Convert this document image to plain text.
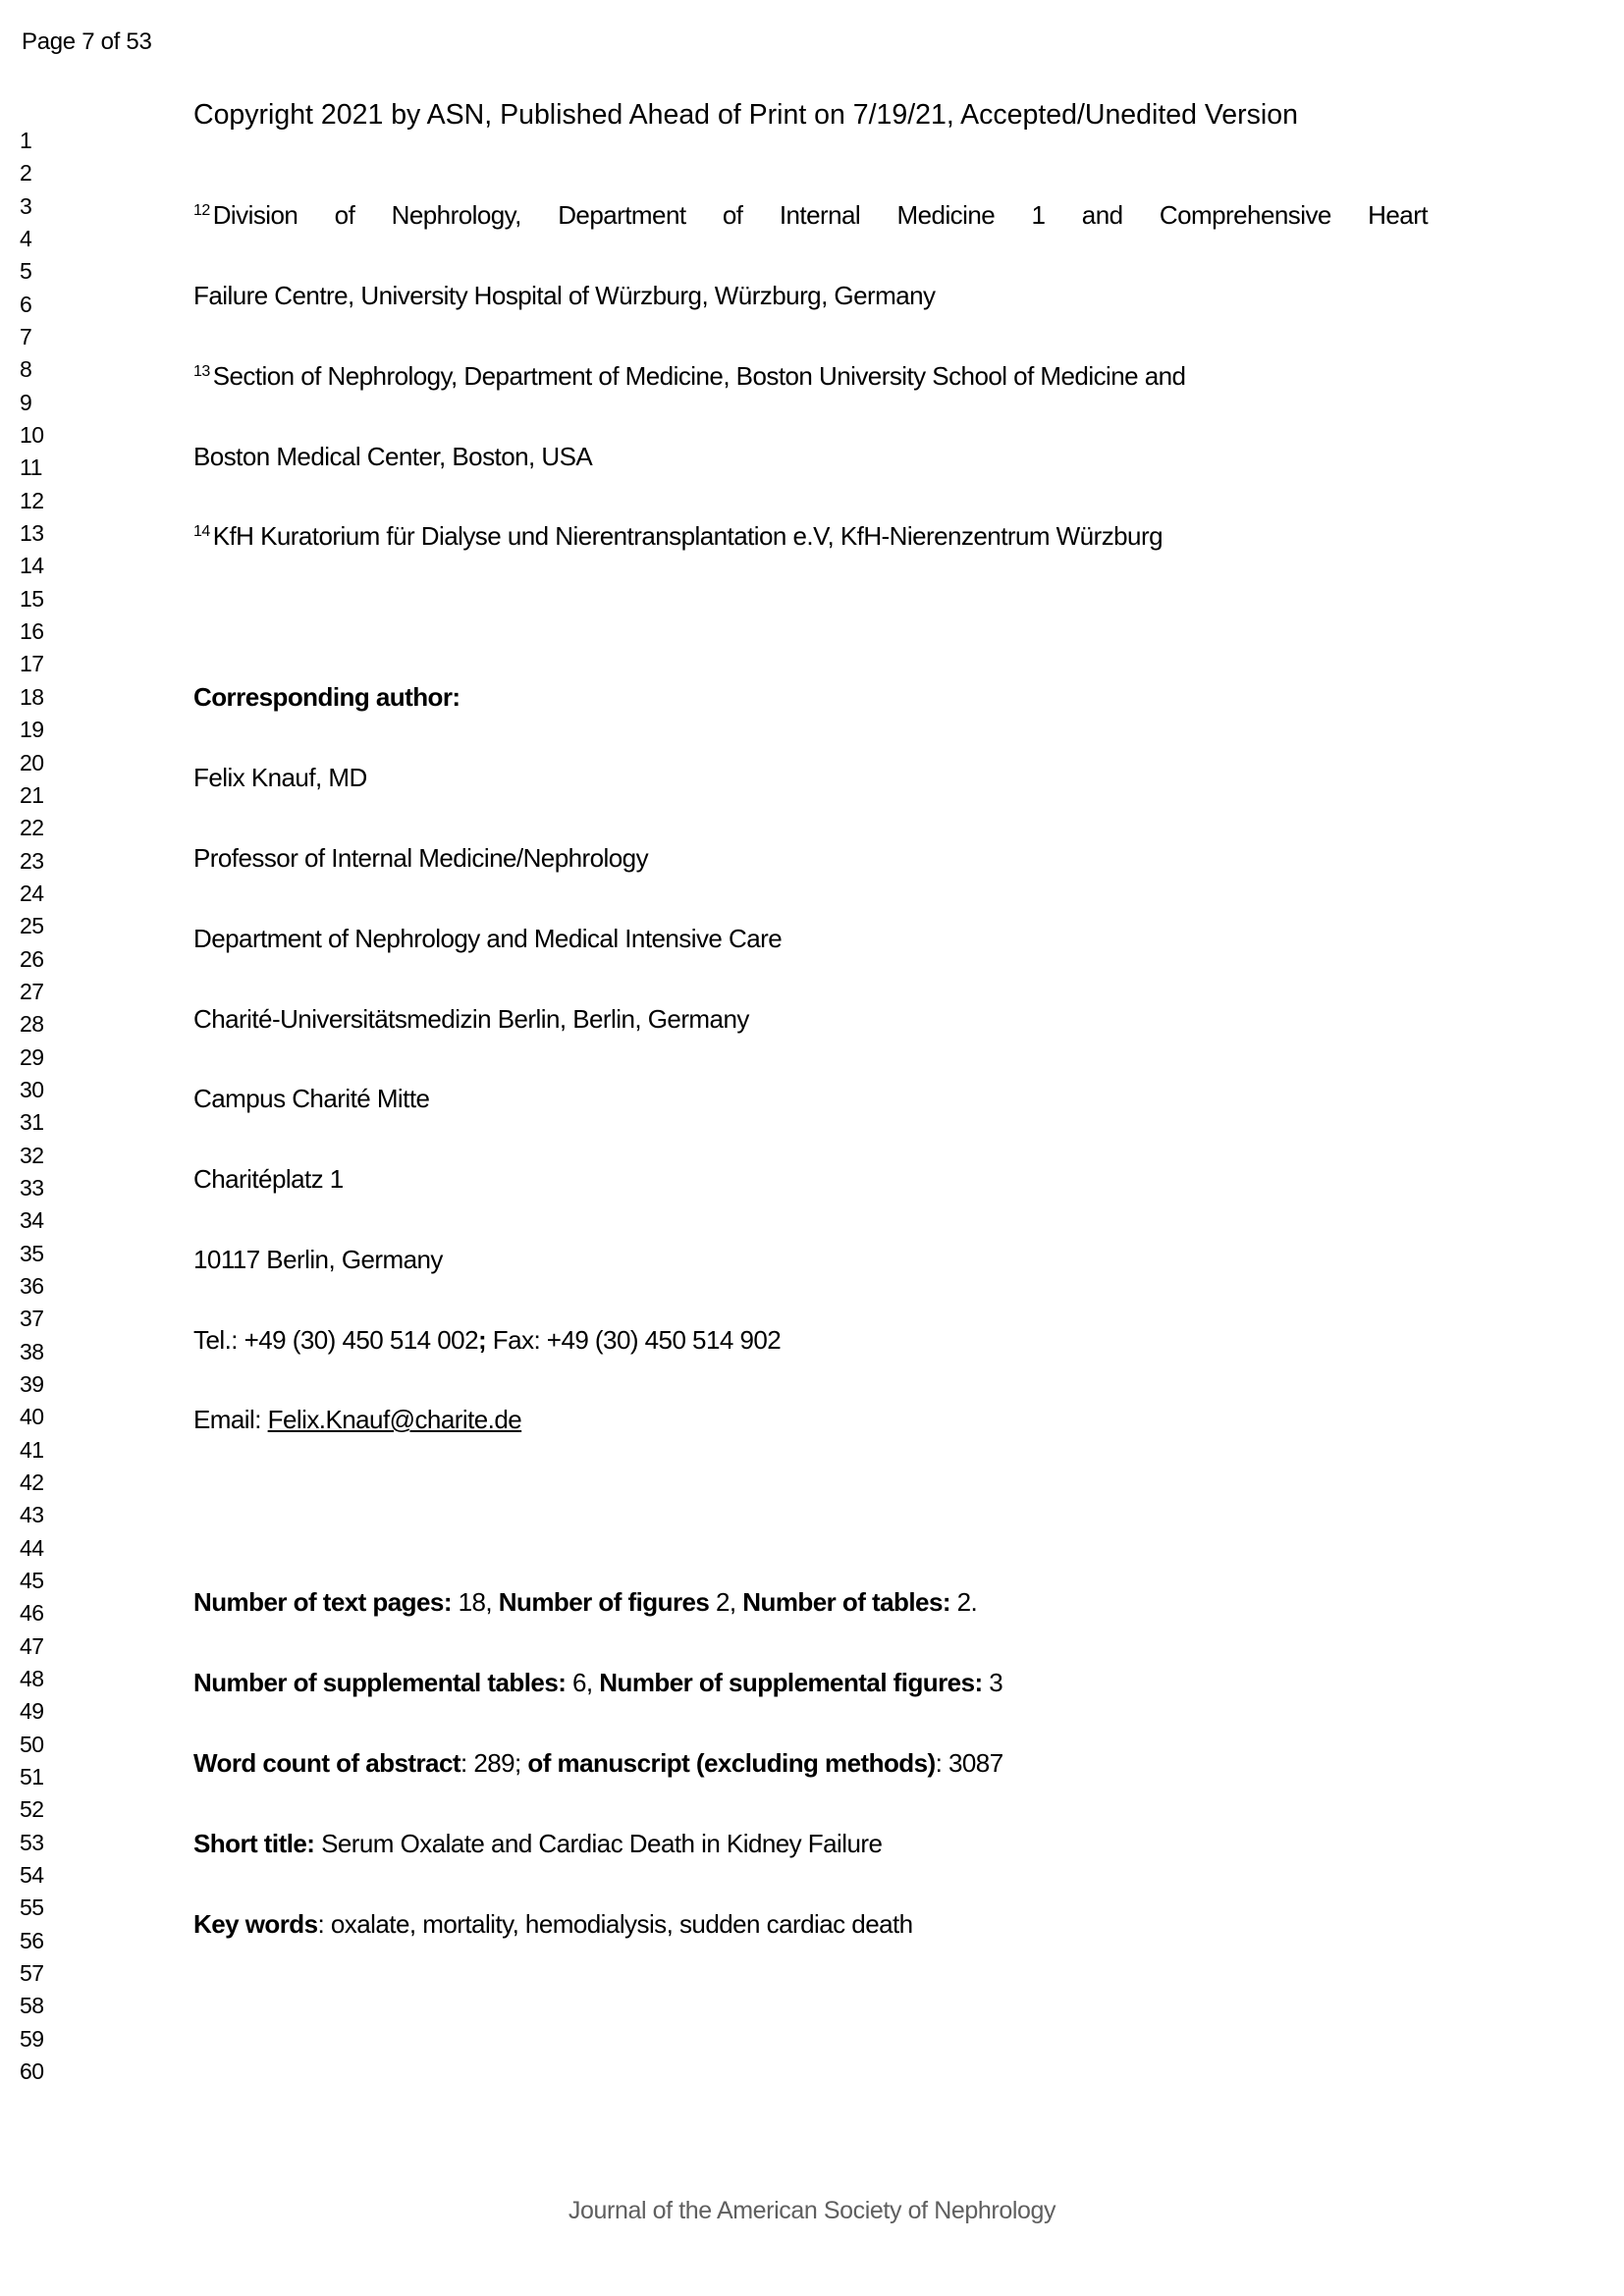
Page 7 of 53
Copyright 2021 by ASN, Published Ahead of Print on 7/19/21, Accepted/Unedited Version
1
2
3
4
5
6
7
8
9
10
11
12
13
14
15
16
17
18
19
20
21
22
23
24
25
26
27
28
29
30
31
32
33
34
35
36
37
38
39
40
41
42
43
44
45
46
47
48
49
50
51
52
53
54
55
56
57
58
59
60
$^{12}$ Division of Nephrology, Department of Internal Medicine 1 and Comprehensive Heart
Failure Centre, University Hospital of Würzburg, Würzburg, Germany
$^{13}$ Section of Nephrology, Department of Medicine, Boston University School of Medicine and
Boston Medical Center, Boston, USA
$^{14}$ KfH Kuratorium für Dialyse und Nierentransplantation e.V, KfH-Nierenzentrum Würzburg
Corresponding author:
Felix Knauf, MD
Professor of Internal Medicine/Nephrology
Department of Nephrology and Medical Intensive Care
Charité-Universitätsmedizin Berlin, Berlin, Germany
Campus Charité Mitte
Charitéplatz 1
10117 Berlin, Germany
Tel.: +49 (30) 450 514 002; Fax: +49 (30) 450 514 902
Email: Felix.Knauf@charite.de
Number of text pages: 18, Number of figures 2, Number of tables: 2.
Number of supplemental tables: 6, Number of supplemental figures: 3
Word count of abstract: 289; of manuscript (excluding methods): 3087
Short title: Serum Oxalate and Cardiac Death in Kidney Failure
Key words: oxalate, mortality, hemodialysis, sudden cardiac death
Journal of the American Society of Nephrology
